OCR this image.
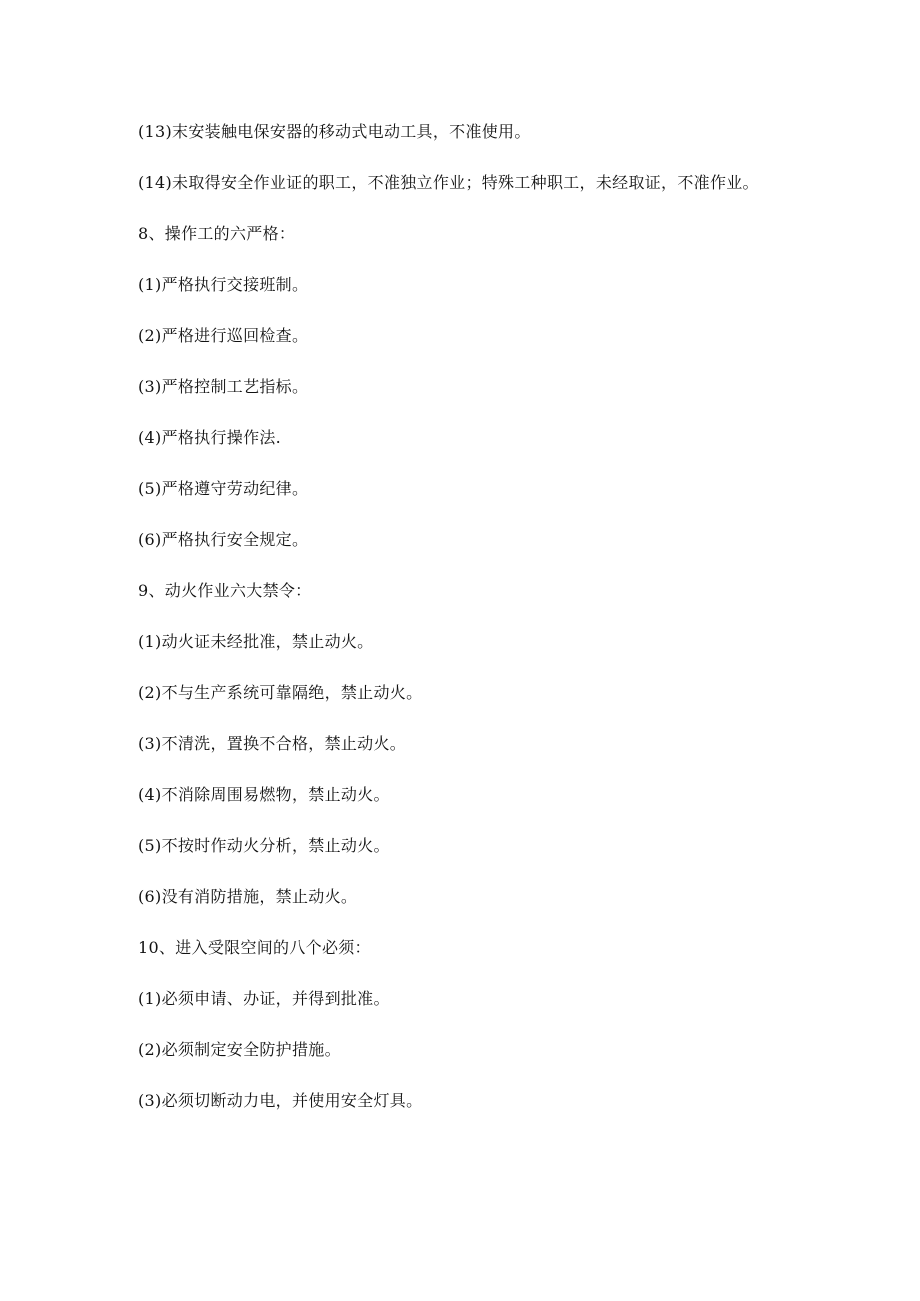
(13)末安装触电保安器的移动式电动工具，不准使用。

(14)未取得安全作业证的职工，不准独立作业；特殊工种职工，未经取证，不准作业。

8、操作工的六严格：

(1)严格执行交接班制。

(2)严格进行巡回检查。

(3)严格控制工艺指标。

(4)严格执行操作法.

(5)严格遵守劳动纪律。

(6)严格执行安全规定。

9、动火作业六大禁令：

(1)动火证未经批准，禁止动火。

(2)不与生产系统可靠隔绝，禁止动火。

(3)不清洗，置换不合格，禁止动火。

(4)不消除周围易燃物，禁止动火。

(5)不按时作动火分析，禁止动火。

(6)没有消防措施，禁止动火。

10、进入受限空间的八个必须：

(1)必须申请、办证，并得到批准。

(2)必须制定安全防护措施。

(3)必须切断动力电，并使用安全灯具。
